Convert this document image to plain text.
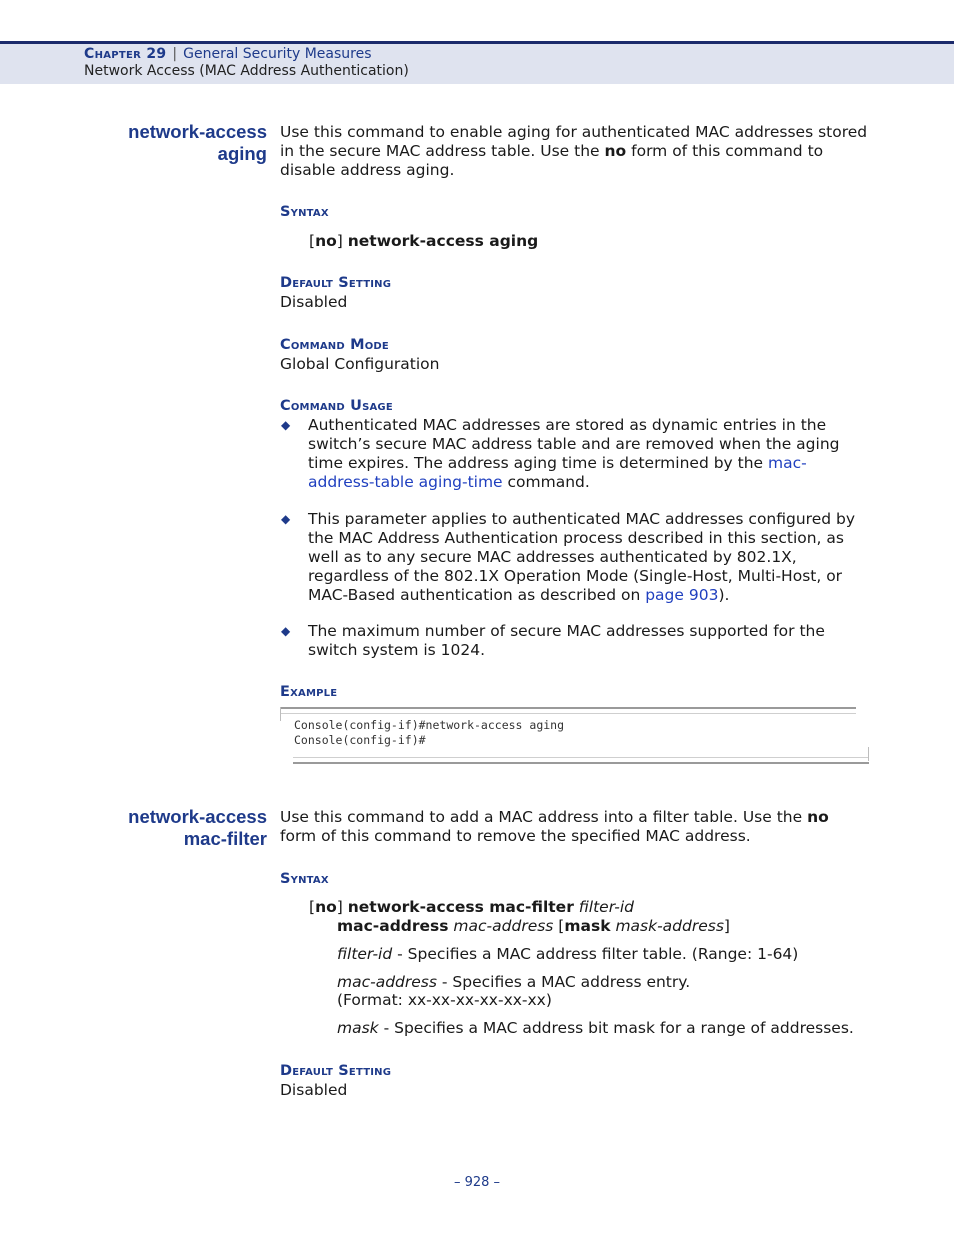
Chapter 29 | General Security Measures
Network Access (MAC Address Authentication)
network-access
aging
Use this command to enable aging for authenticated MAC addresses stored
in the secure MAC address table. Use the no form of this command to
disable address aging.
Syntax
[no] network-access aging
Default Setting
Disabled
Command Mode
Global Configuration
Command Usage
◆ Authenticated MAC addresses are stored as dynamic entries in the
switch’s secure MAC address table and are removed when the aging
time expires. The address aging time is determined by the mac-
address-table aging-time command.
◆ This parameter applies to authenticated MAC addresses configured by
the MAC Address Authentication process described in this section, as
well as to any secure MAC addresses authenticated by 802.1X,
regardless of the 802.1X Operation Mode (Single-Host, Multi-Host, or
MAC-Based authentication as described on page 903).
◆ The maximum number of secure MAC addresses supported for the
switch system is 1024.
Example
Console(config-if)#network-access aging
Console(config-if)#
network-access
mac-filter
Use this command to add a MAC address into a filter table. Use the no
form of this command to remove the specified MAC address.
Syntax
[no] network-access mac-filter filter-id
mac-address mac-address [mask mask-address]
filter-id - Specifies a MAC address filter table. (Range: 1-64)
mac-address - Specifies a MAC address entry.
(Format: xx-xx-xx-xx-xx-xx)
mask - Specifies a MAC address bit mask for a range of addresses.
Default Setting
Disabled
– 928 –
